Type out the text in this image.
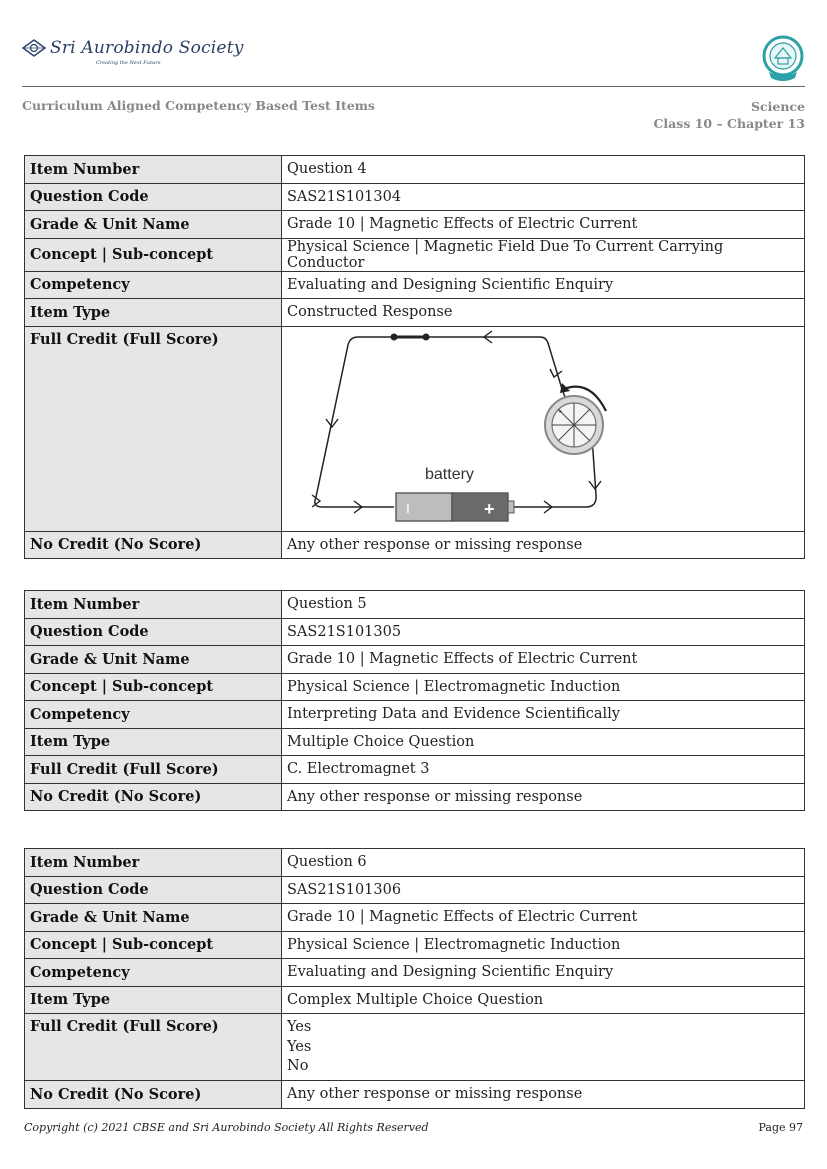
Sri Aurobindo Society
Creating the Next Future
Curriculum Aligned Competency Based Test Items	Science
Class 10 – Chapter 13
Item Number	Question 4
Question Code	SAS21S101304
Grade & Unit Name	Grade 10 | Magnetic Effects of Electric Current
Concept | Sub-concept	Physical Science | Magnetic Field Due To Current Carrying Conductor
Competency	Evaluating and Designing Scientific Enquiry
Item Type	Constructed Response
Full Credit (Full Score)	battery
I +

No Credit (No Score)	Any other response or missing response
Item Number	Question 5
Question Code	SAS21S101305
Grade & Unit Name	Grade 10 | Magnetic Effects of Electric Current
Concept | Sub-concept	Physical Science | Electromagnetic Induction
Competency	Interpreting Data and Evidence Scientifically
Item Type	Multiple Choice Question
Full Credit (Full Score)	C. Electromagnet 3
No Credit (No Score)	Any other response or missing response
Item Number	Question 6
Question Code	SAS21S101306
Grade & Unit Name	Grade 10 | Magnetic Effects of Electric Current
Concept | Sub-concept	Physical Science | Electromagnetic Induction
Competency	Evaluating and Designing Scientific Enquiry
Item Type	Complex Multiple Choice Question
Full Credit (Full Score)	Yes
Yes
No

No Credit (No Score)	Any other response or missing response
Copyright (c) 2021 CBSE and Sri Aurobindo Society All Rights Reserved	Page 97
